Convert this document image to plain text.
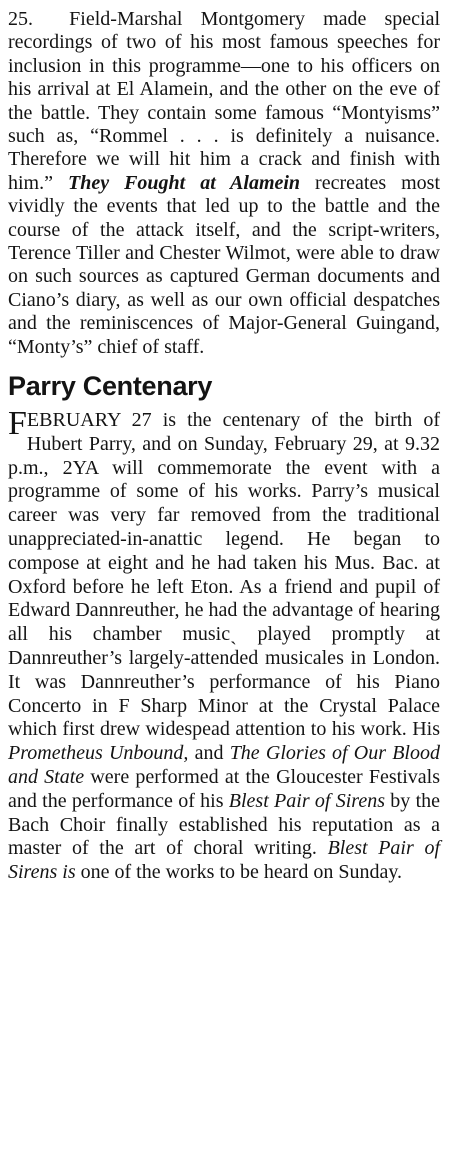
25. Field-Marshal Montgomery made special recordings of two of his most famous speeches for inclusion in this programme—one to his officers on his arrival at El Alamein, and the other on the eve of the battle. They contain some famous “Montyisms” such as, “Rommel . . . is definitely a nuisance. Therefore we will hit him a crack and finish with him.” They Fought at Alamein recreates most vividly the events that led up to the battle and the course of the attack itself, and the script-writers, Terence Tiller and Chester Wilmot, were able to draw on such sources as captured German documents and Ciano’s diary, as well as our own official despatches and the reminiscences of Major-General Guingand, “Monty’s” chief of staff.

Parry Centenary

FEBRUARY 27 is the centenary of the birth of Hubert Parry, and on Sunday, February 29, at 9.32 p.m., 2YA will commemorate the event with a programme of some of his works. Parry’s musical career was very far removed from the traditional unappreciated-in-anattic legend. He began to compose at eight and he had taken his Mus. Bac. at Oxford before he left Eton. As a friend and pupil of Edward Dannreuther, he had the advantage of hearing all his chamber musicˎ played promptly at Dannreuther’s largely-attended musicales in London. It was Dannreuther’s performance of his Piano Concerto in F Sharp Minor at the Crystal Palace which first drew widespead attention to his work. His Prometheus Unbound, and The Glories of Our Blood and State were performed at the Gloucester Festivals and the performance of his Blest Pair of Sirens by the Bach Choir finally established his reputation as a master of the art of choral writing. Blest Pair of Sirens is one of the works to be heard on Sunday.
